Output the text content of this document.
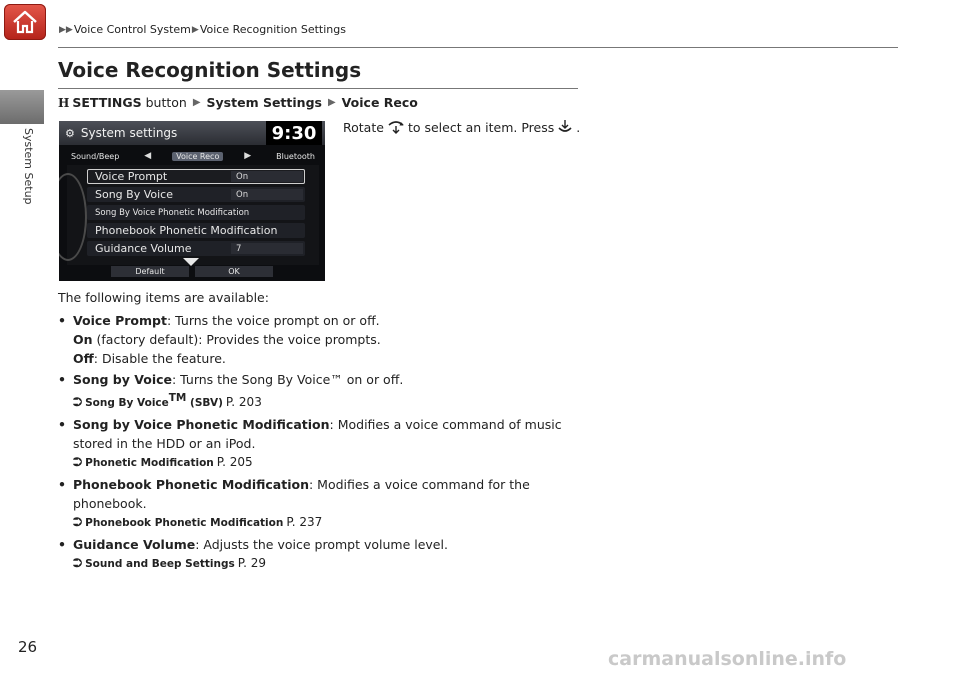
System Setup
▶▶ Voice Control System ▶ Voice Recognition Settings
Voice Recognition Settings
H SETTINGS
button ▶ System Settings ▶ Voice Reco
Rotate to select an item. Press .
⚙ System settings	9:30
Sound/Beep	◀	Voice Reco	▶	Bluetooth
Voice Prompt	On
Song By Voice	On
Song By Voice Phonetic Modification
Phonebook Phonetic Modification
Guidance Volume	7
Default	OK
The following items are available:
• Voice Prompt: Turns the voice prompt on or off.
On (factory default): Provides the voice prompts.
Off: Disable the feature.
• Song by Voice: Turns the Song By Voice™ on or off.
⮊ Song By Voice™ (SBV) P. 203
• Song by Voice Phonetic Modification: Modifies a voice command of music stored in the HDD or an iPod.
⮊ Phonetic Modification P. 205
• Phonebook Phonetic Modification: Modifies a voice command for the phonebook.
⮊ Phonebook Phonetic Modification P. 237
• Guidance Volume: Adjusts the voice prompt volume level.
⮊ Sound and Beep Settings P. 29
26
carmanualsonline.info
